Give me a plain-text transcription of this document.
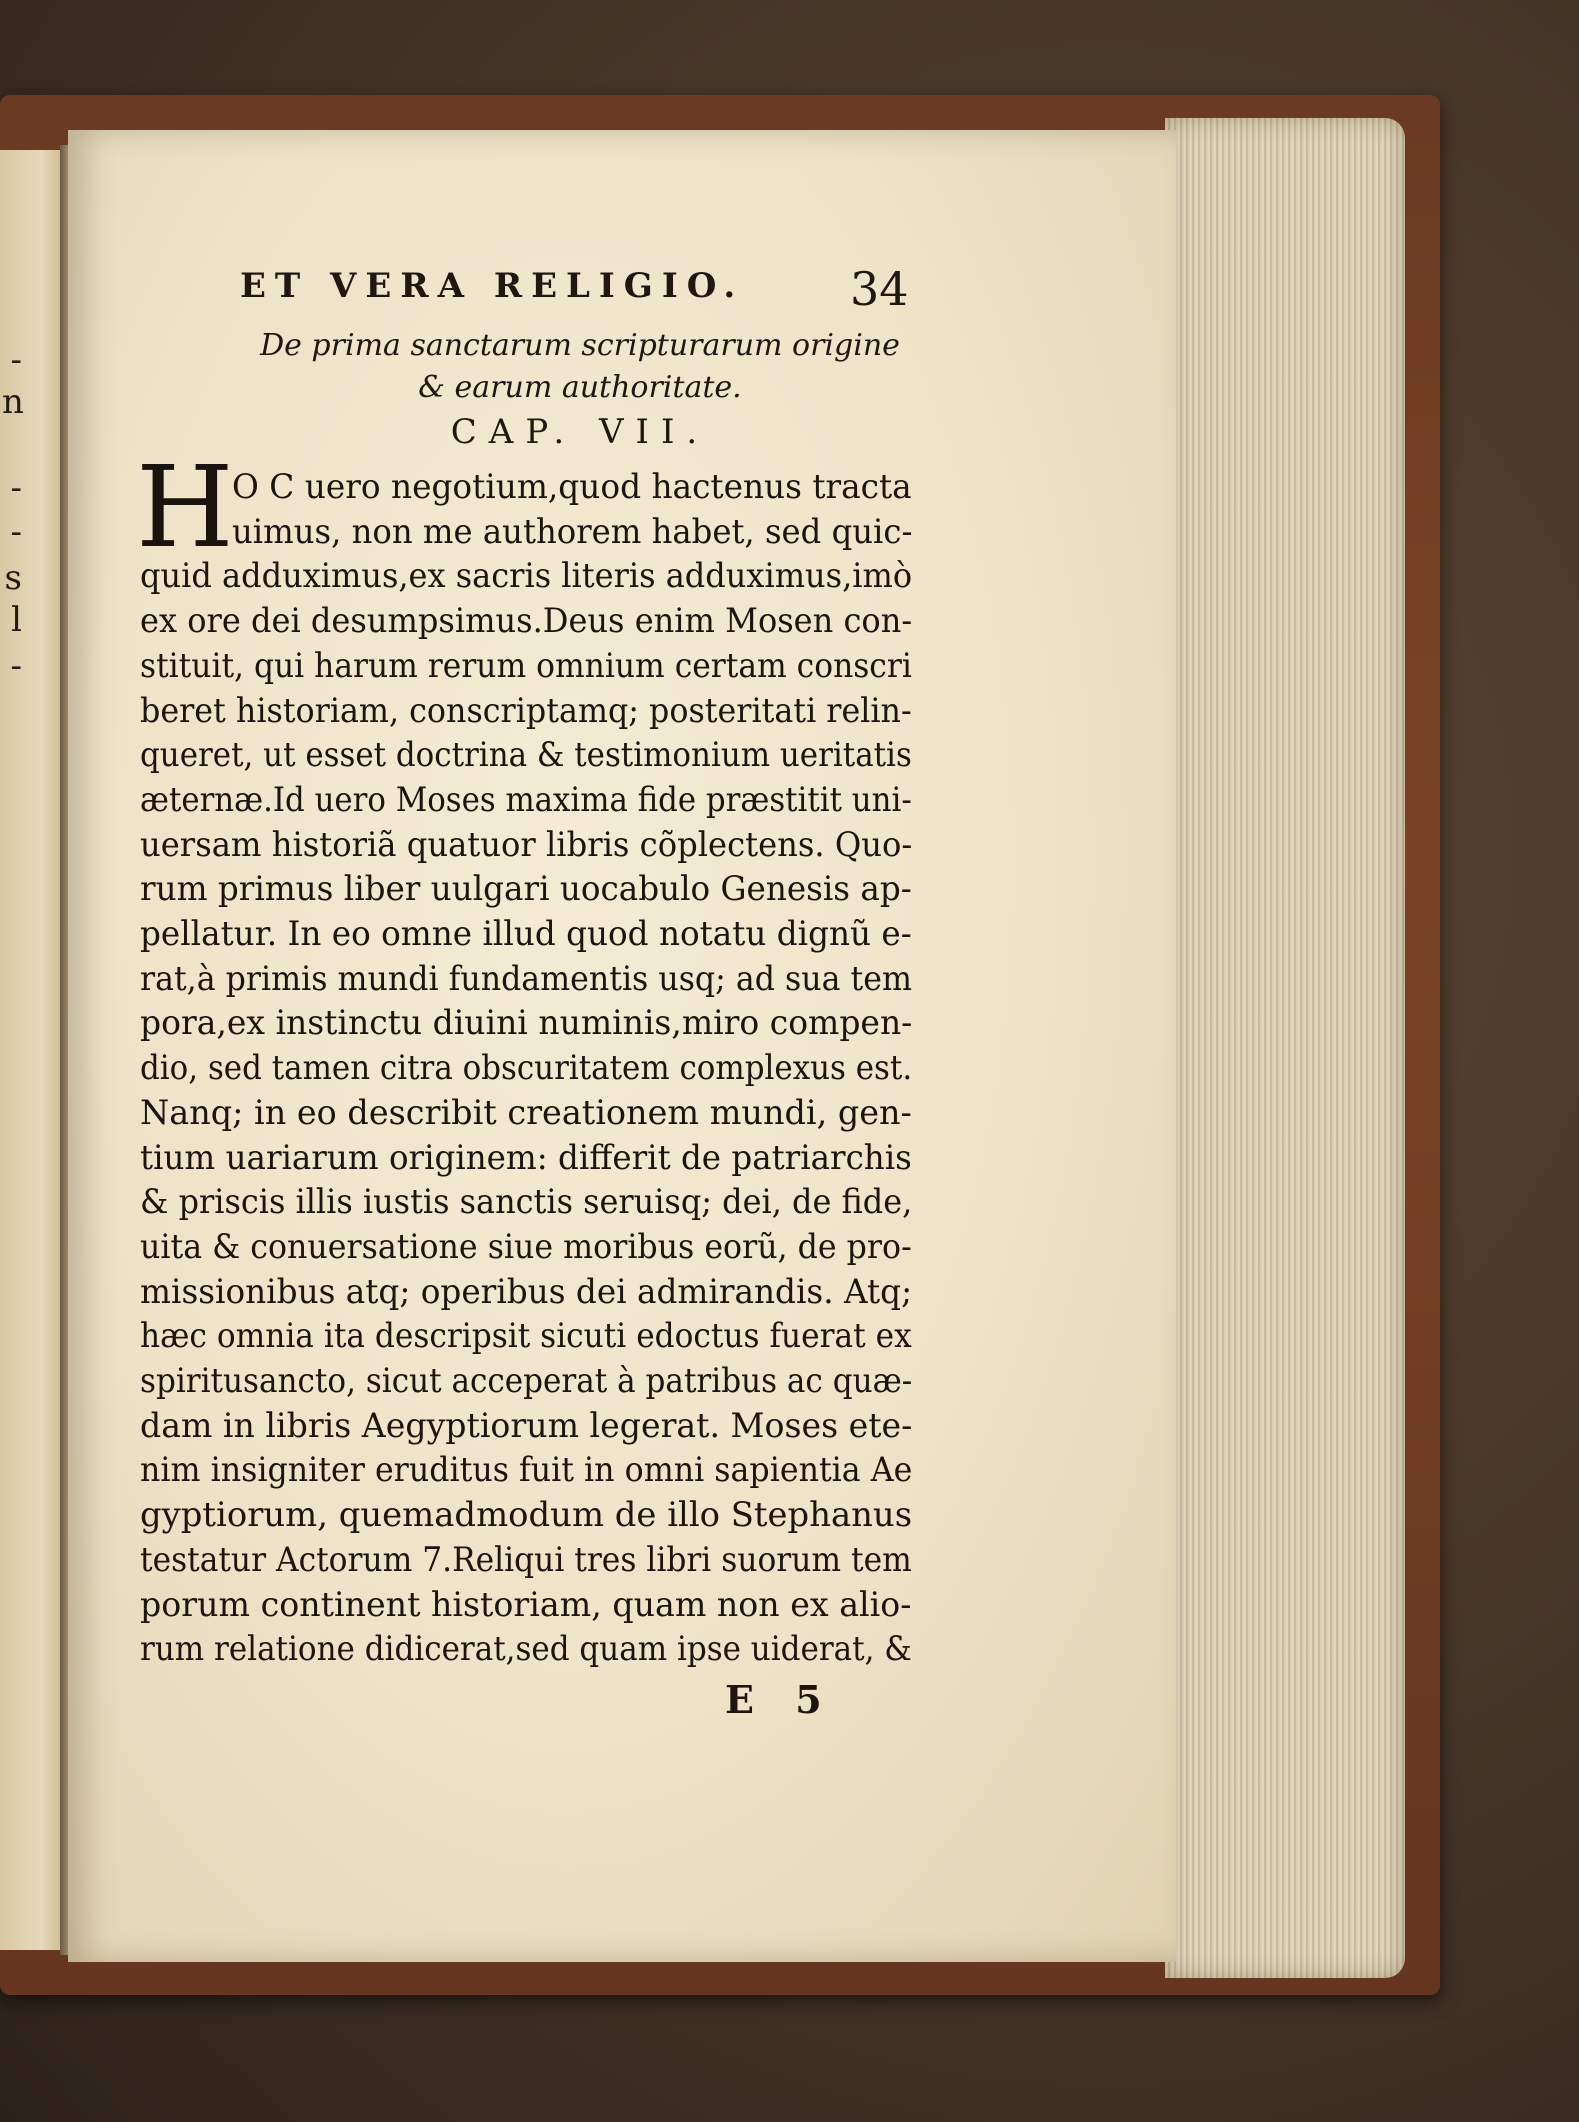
-
n
-
-
s
l
-
ET VERA RELIGIO. 34
De prima sanctarum scripturarum origine
& earum authoritate.
CAP. VII.
H
O C uero negotium,quod hactenus tracta
uimus, non me authorem habet, sed quic-
quid adduximus,ex sacris literis adduximus,imò
ex ore dei desumpsimus.Deus enim Mosen con-
stituit, qui harum rerum omnium certam conscri
beret historiam, conscriptamq; posteritati relin-
queret, ut esset doctrina & testimonium ueritatis
æternæ.Id uero Moses maxima fide præstitit uni-
uersam historiã quatuor libris cõplectens. Quo-
rum primus liber uulgari uocabulo Genesis ap-
pellatur. In eo omne illud quod notatu dignũ e-
rat,à primis mundi fundamentis usq; ad sua tem
pora,ex instinctu diuini numinis,miro compen-
dio, sed tamen citra obscuritatem complexus est.
Nanq; in eo describit creationem mundi, gen-
tium uariarum originem: differit de patriarchis
& priscis illis iustis sanctis seruisq; dei, de fide,
uita & conuersatione siue moribus eorũ, de pro-
missionibus atq; operibus dei admirandis. Atq;
hæc omnia ita descripsit sicuti edoctus fuerat ex
spiritusancto, sicut acceperat à patribus ac quæ-
dam in libris Aegyptiorum legerat. Moses ete-
nim insigniter eruditus fuit in omni sapientia Ae
gyptiorum, quemadmodum de illo Stephanus
testatur Actorum 7.Reliqui tres libri suorum tem
porum continent historiam, quam non ex alio-
rum relatione didicerat,sed quam ipse uiderat, &
E 5
